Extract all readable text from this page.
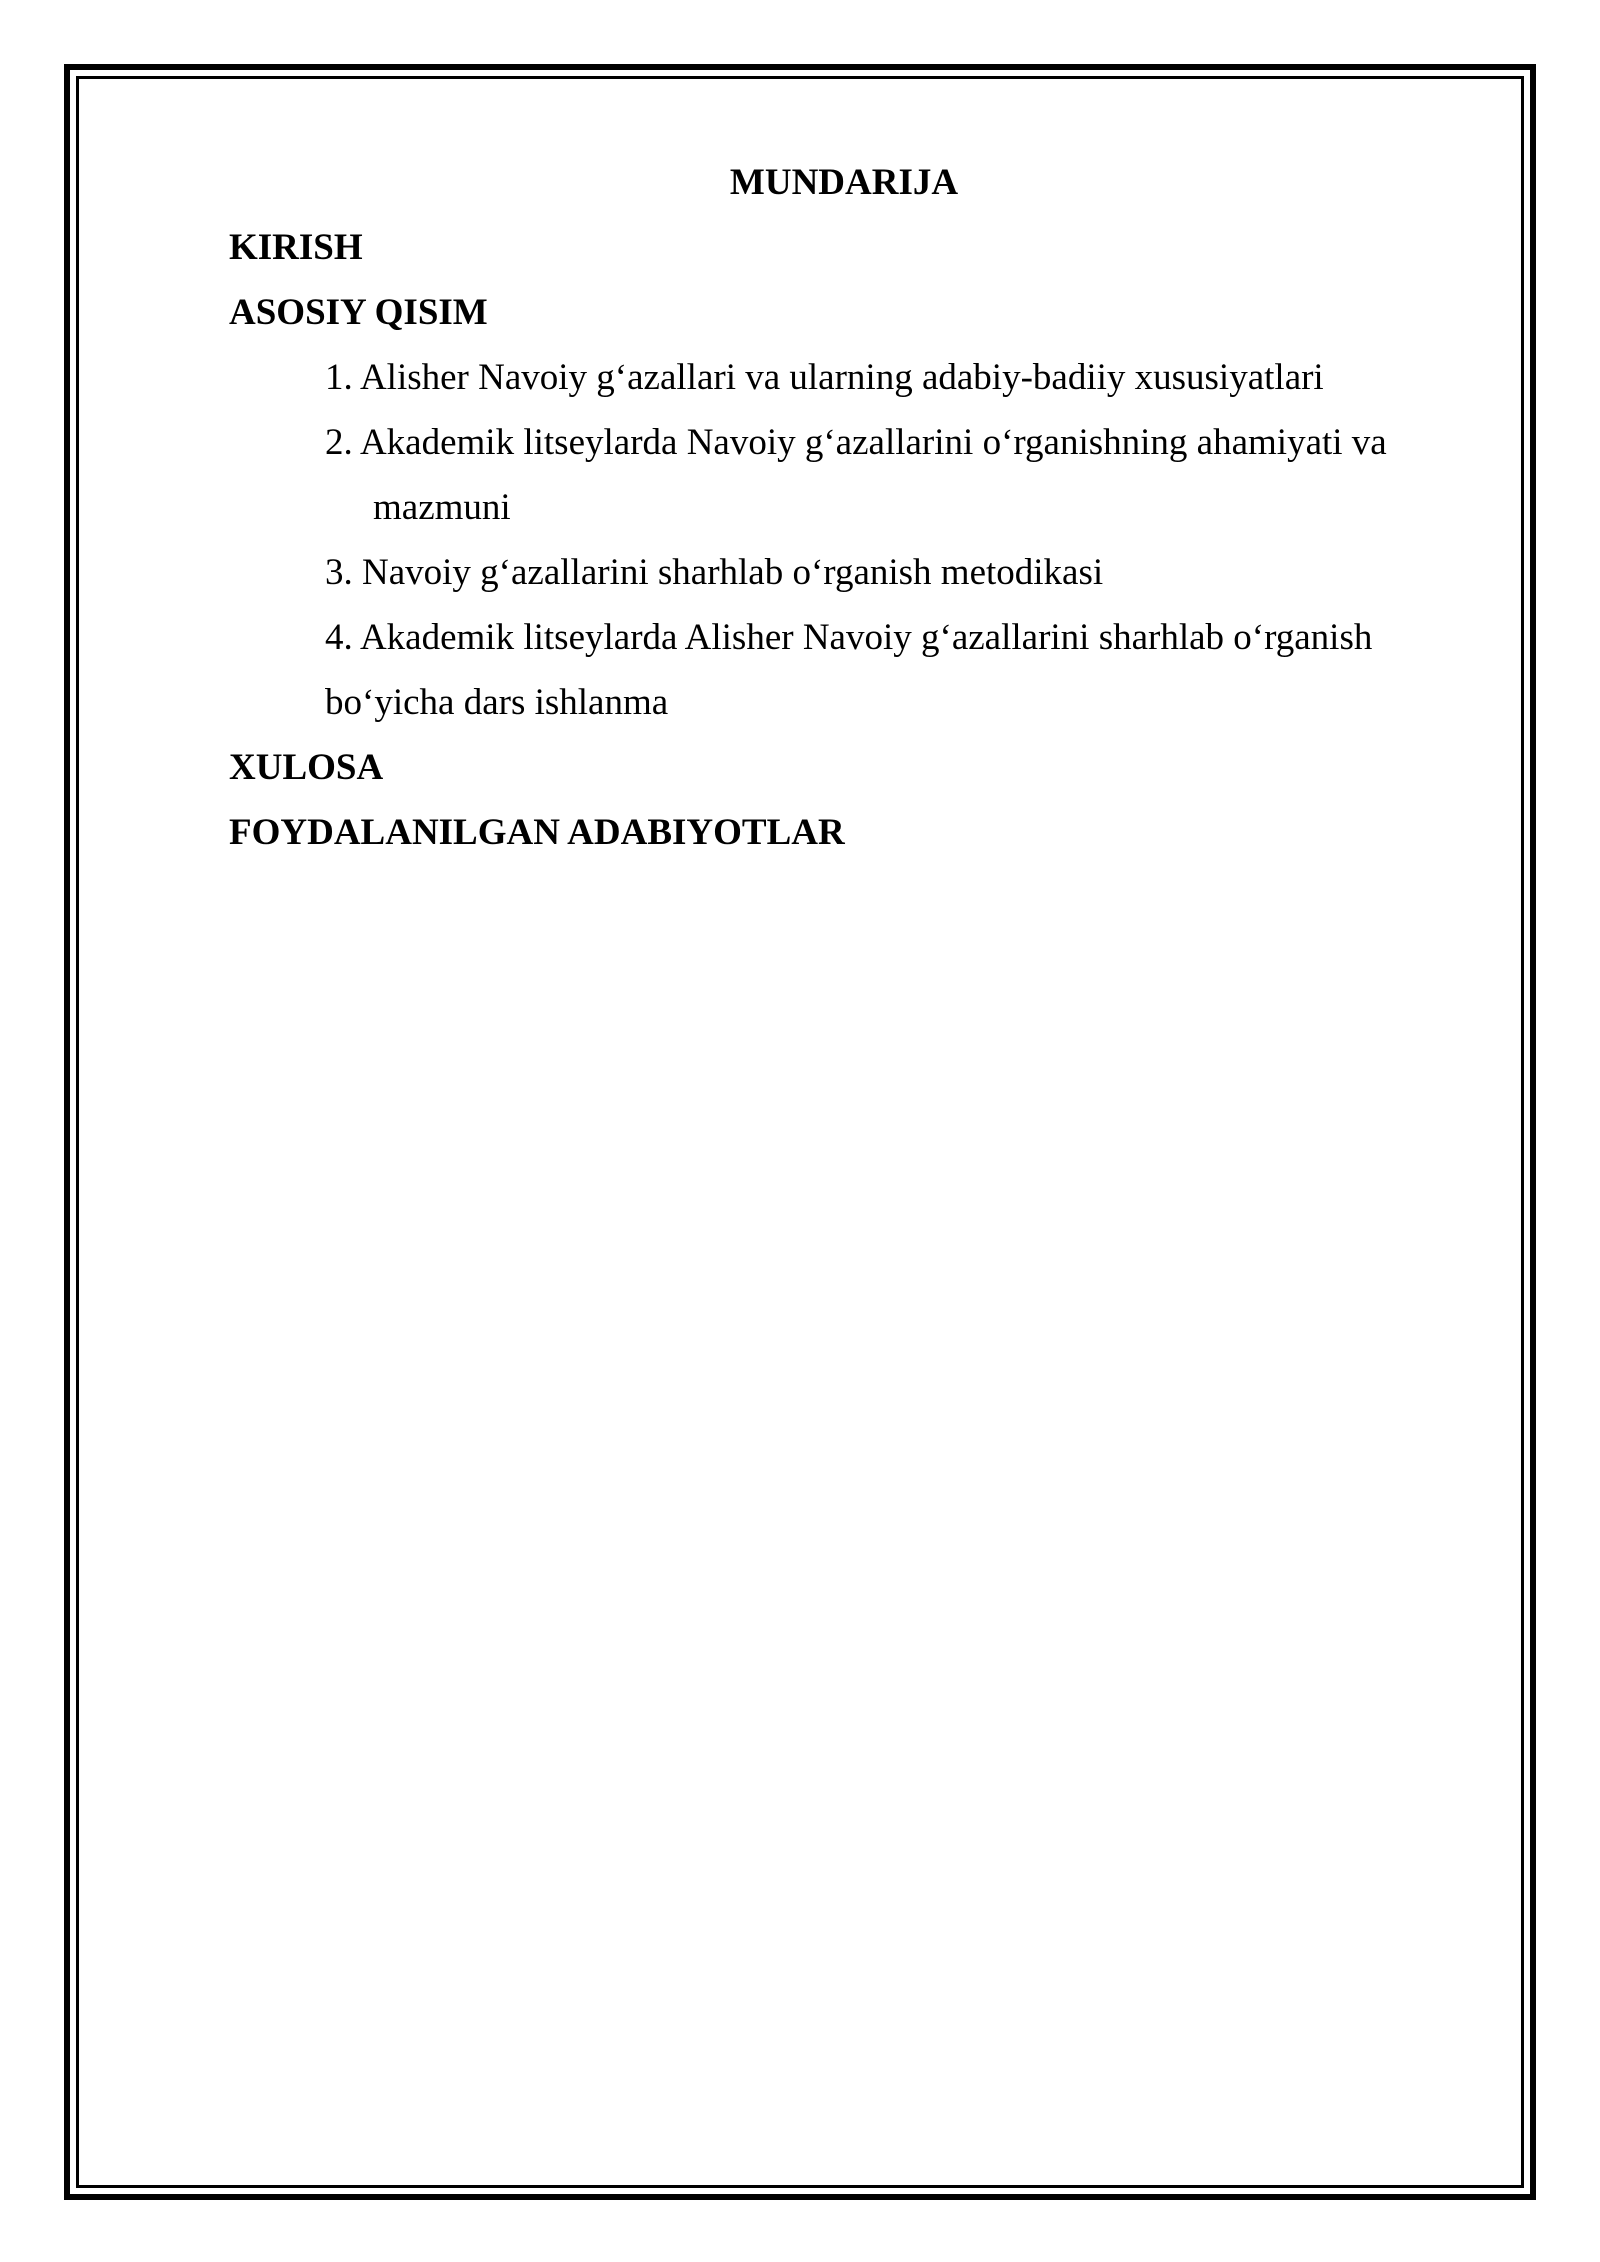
MUNDARIJA

KIRISH

ASOSIY QISIM

1. Alisher Navoiy g‘azallari va ularning adabiy-badiiy xususiyatlari

2. Akademik litseylarda Navoiy g‘azallarini o‘rganishning ahamiyati va
mazmuni

3. Navoiy g‘azallarini sharhlab o‘rganish metodikasi

4. Akademik litseylarda Alisher Navoiy g‘azallarini sharhlab o‘rganish
bo‘yicha dars ishlanma

XULOSA

FOYDALANILGAN ADABIYOTLAR
